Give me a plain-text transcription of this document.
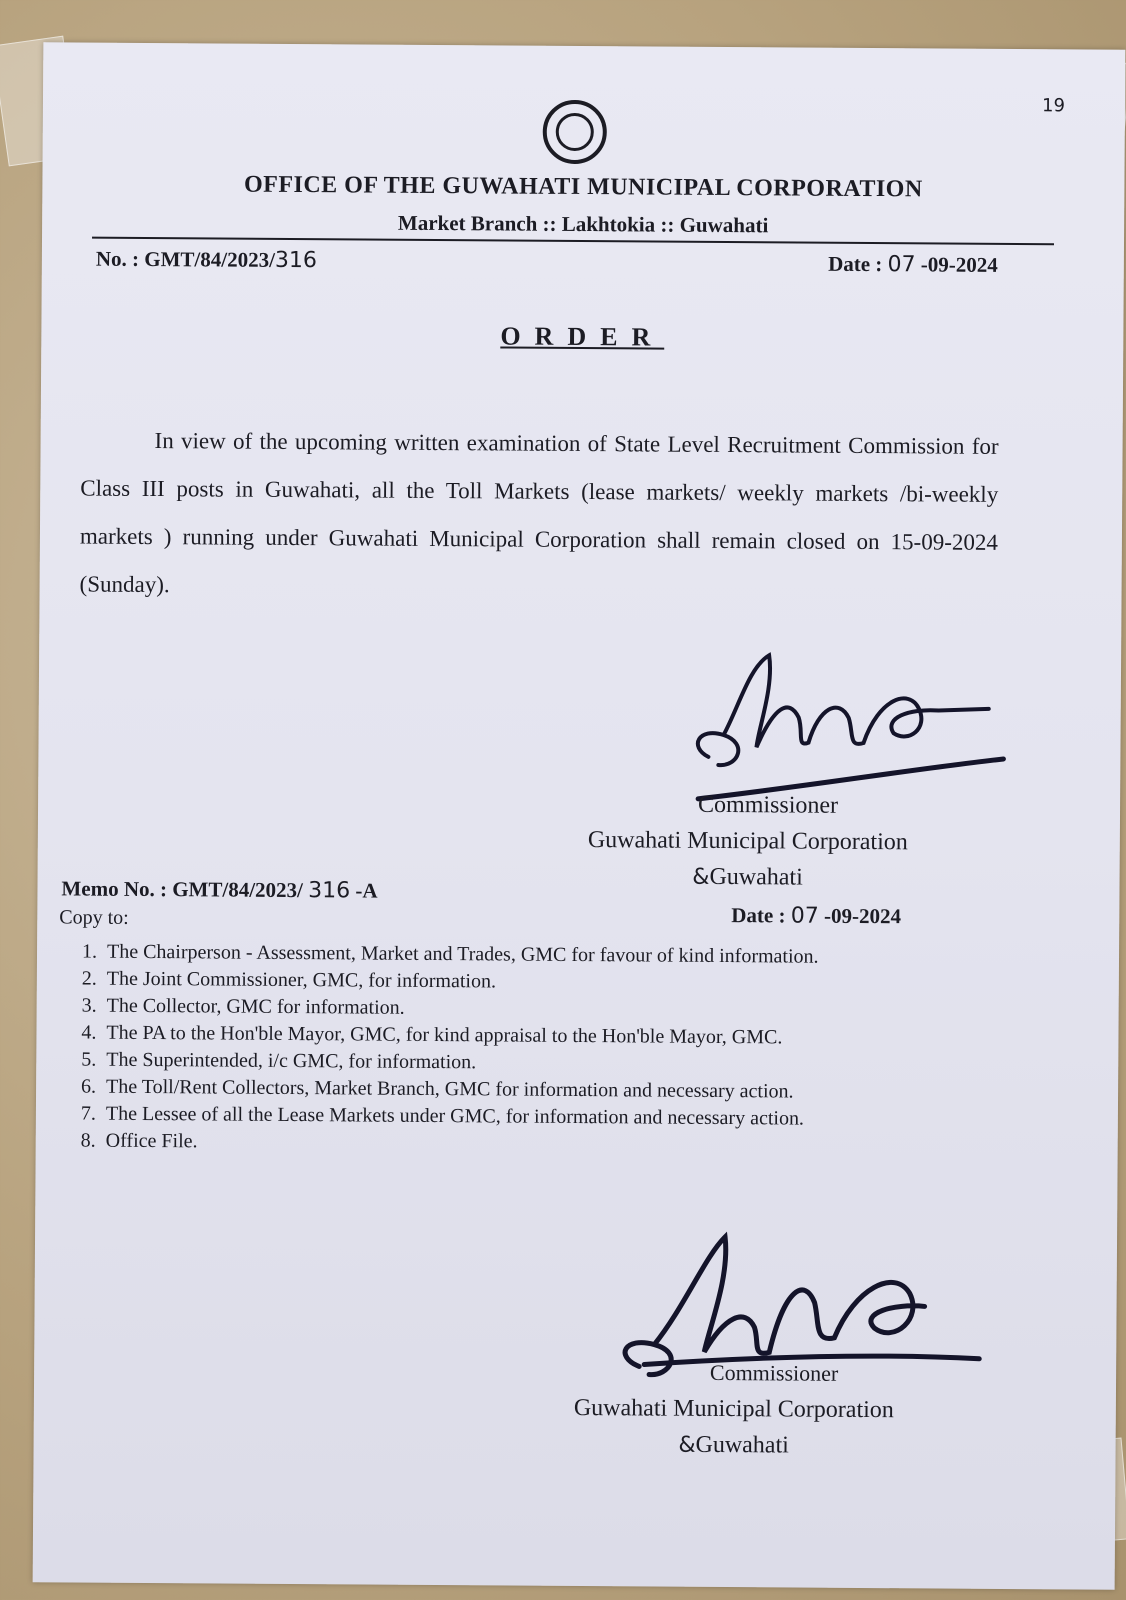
19
OFFICE OF THE GUWAHATI MUNICIPAL CORPORATION
Market Branch :: Lakhtokia :: Guwahati
No. : GMT/84/2023/316	Date : 07 -09-2024
ORDER
In view of the upcoming written examination of State Level Recruitment Commission for Class III posts in Guwahati, all the Toll Markets (lease markets/ weekly markets /bi-weekly markets ) running under Guwahati Municipal Corporation shall remain closed on 15-09-2024 (Sunday).
Commissioner
Guwahati Municipal Corporation
&Guwahati
Memo No. : GMT/84/2023/ 316 -A
Date : 07 -09-2024
Copy to:
1. The Chairperson - Assessment, Market and Trades, GMC for favour of kind information.
2. The Joint Commissioner, GMC, for information.
3. The Collector, GMC for information.
4. The PA to the Hon'ble Mayor, GMC, for kind appraisal to the Hon'ble Mayor, GMC.
5. The Superintended, i/c GMC, for information.
6. The Toll/Rent Collectors, Market Branch, GMC for information and necessary action.
7. The Lessee of all the Lease Markets under GMC, for information and necessary action.
8. Office File.
Commissioner
Guwahati Municipal Corporation
&Guwahati
